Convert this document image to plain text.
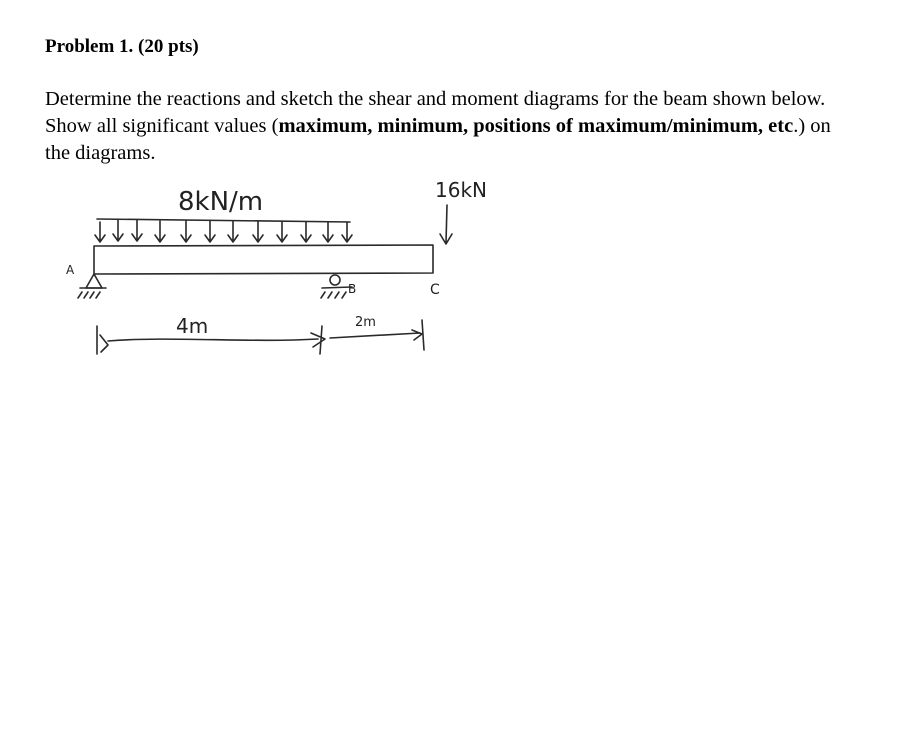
Problem 1. (20 pts)
Determine the reactions and sketch the shear and moment diagrams for the beam shown below. Show all significant values (maximum, minimum, positions of maximum/minimum, etc.) on the diagrams.
8kN/m	16kN
A
B	C
4m	2m
